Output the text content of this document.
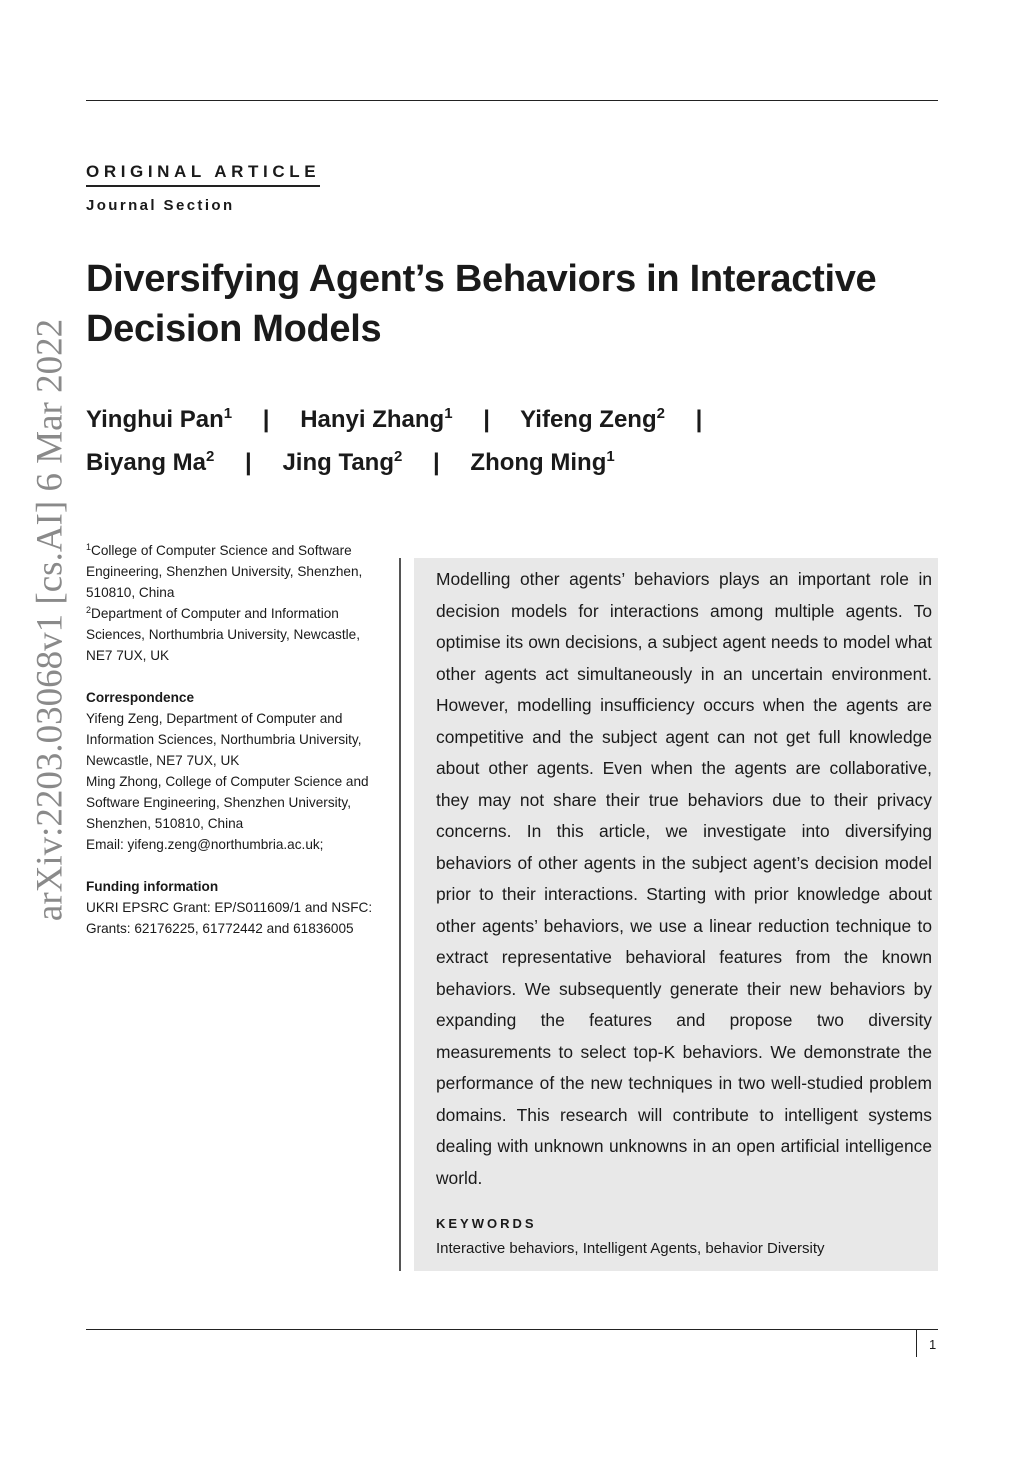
ORIGINAL ARTICLE
Journal Section
arXiv:2203.03068v1 [cs.AI] 6 Mar 2022
Diversifying Agent’s Behaviors in Interactive Decision Models
Yinghui Pan$^1$ | Hanyi Zhang$^1$ | Yifeng Zeng$^2$ |
Biyang Ma$^2$ | Jing Tang$^2$ | Zhong Ming$^1$

$^1$College of Computer Science and Software Engineering, Shenzhen University, Shenzhen, 510810, China

$^2$Department of Computer and Information Sciences, Northumbria University, Newcastle, NE7 7UX, UK

Correspondence

Yifeng Zeng, Department of Computer and Information Sciences, Northumbria University, Newcastle, NE7 7UX, UK

Ming Zhong, College of Computer Science and Software Engineering, Shenzhen University, Shenzhen, 510810, China

Email: yifeng.zeng@northumbria.ac.uk;

Funding information

UKRI EPSRC Grant: EP/S011609/1 and NSFC: Grants: 62176225, 61772442 and 61836005

Modelling other agents’ behaviors plays an important role in decision models for interactions among multiple agents. To optimise its own decisions, a subject agent needs to model what other agents act simultaneously in an uncertain environment. However, modelling insufficiency occurs when the agents are competitive and the subject agent can not get full knowledge about other agents. Even when the agents are collaborative, they may not share their true behaviors due to their privacy concerns. In this article, we investigate into diversifying behaviors of other agents in the subject agent’s decision model prior to their interactions. Starting with prior knowledge about other agents’ behaviors, we use a linear reduction technique to extract representative behavioral features from the known behaviors. We subsequently generate their new behaviors by expanding the features and propose two diversity measurements to select top-K behaviors. We demonstrate the performance of the new techniques in two well-studied problem domains. This research will contribute to intelligent systems dealing with unknown unknowns in an open artificial intelligence world.

KEYWORDS
Interactive behaviors, Intelligent Agents, behavior Diversity
1
